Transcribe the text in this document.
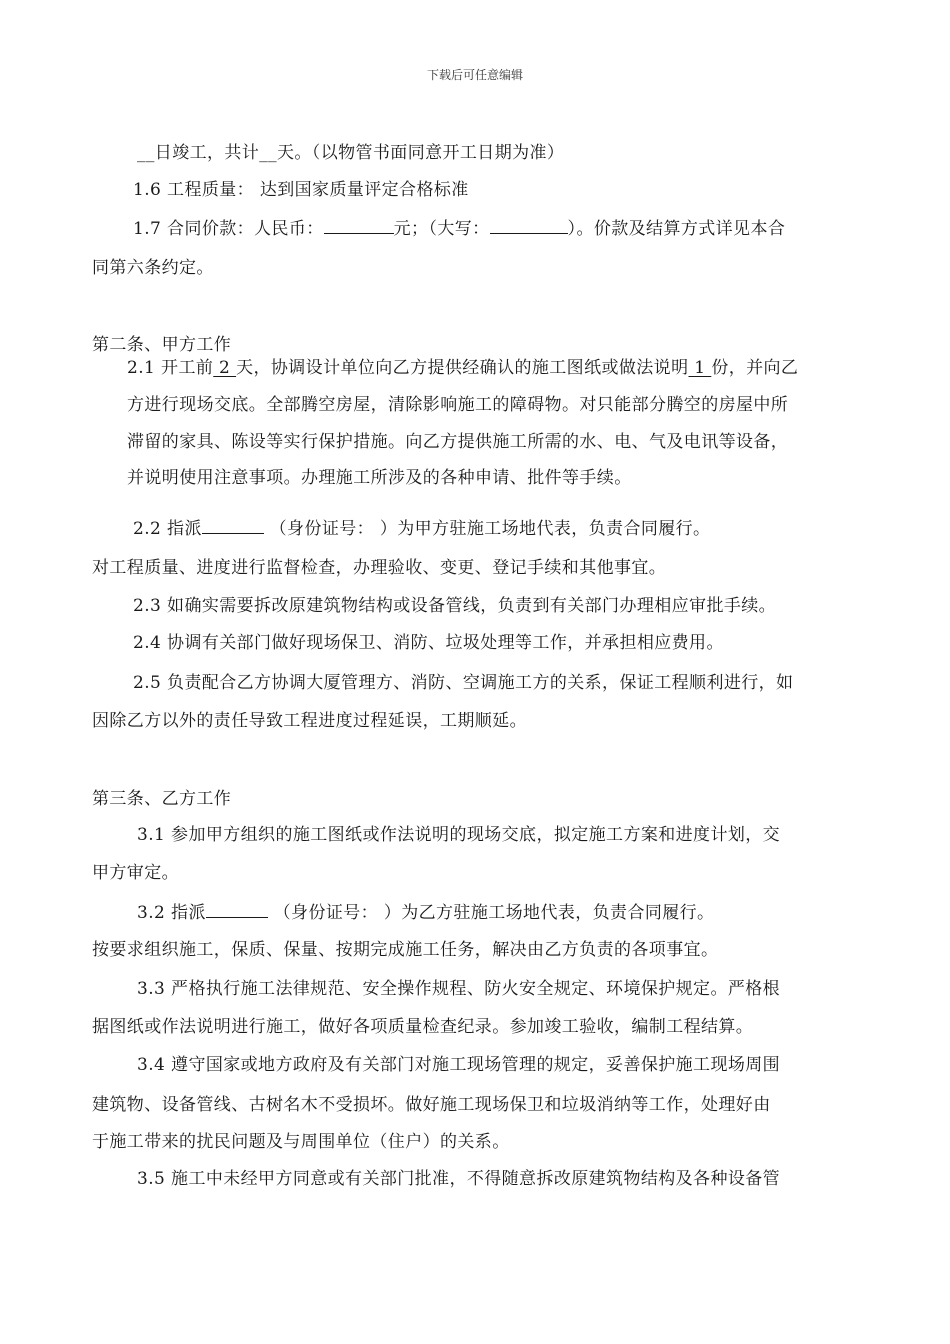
下载后可任意编辑
__日竣工，共计__天。（以物管书面同意开工日期为准）
1.6 工程质量： 达到国家质量评定合格标准
1.7 合同价款：人民币：	元；（大写：	）。价款及结算方式详见本合
同第六条约定。
第二条、甲方工作
2.1 开工前 2 天，协调设计单位向乙方提供经确认的施工图纸或做法说明 1 份，并向乙
方进行现场交底。全部腾空房屋，清除影响施工的障碍物。对只能部分腾空的房屋中所
滞留的家具、陈设等实行保护措施。向乙方提供施工所需的水、电、气及电讯等设备，
并说明使用注意事项。办理施工所涉及的各种申请、批件等手续。
2.2 指派	（身份证号： ）为甲方驻施工场地代表，负责合同履行。
对工程质量、进度进行监督检查，办理验收、变更、登记手续和其他事宜。
2.3 如确实需要拆改原建筑物结构或设备管线，负责到有关部门办理相应审批手续。
2.4 协调有关部门做好现场保卫、消防、垃圾处理等工作，并承担相应费用。
2.5 负责配合乙方协调大厦管理方、消防、空调施工方的关系，保证工程顺利进行，如
因除乙方以外的责任导致工程进度过程延误，工期顺延。
第三条、乙方工作
3.1 参加甲方组织的施工图纸或作法说明的现场交底，拟定施工方案和进度计划，交
甲方审定。
3.2 指派	（身份证号： ）为乙方驻施工场地代表，负责合同履行。
按要求组织施工，保质、保量、按期完成施工任务，解决由乙方负责的各项事宜。
3.3 严格执行施工法律规范、安全操作规程、防火安全规定、环境保护规定。严格根
据图纸或作法说明进行施工，做好各项质量检查纪录。参加竣工验收，编制工程结算。
3.4 遵守国家或地方政府及有关部门对施工现场管理的规定，妥善保护施工现场周围
建筑物、设备管线、古树名木不受损坏。做好施工现场保卫和垃圾消纳等工作，处理好由
于施工带来的扰民问题及与周围单位（住户）的关系。
3.5 施工中未经甲方同意或有关部门批准，不得随意拆改原建筑物结构及各种设备管
